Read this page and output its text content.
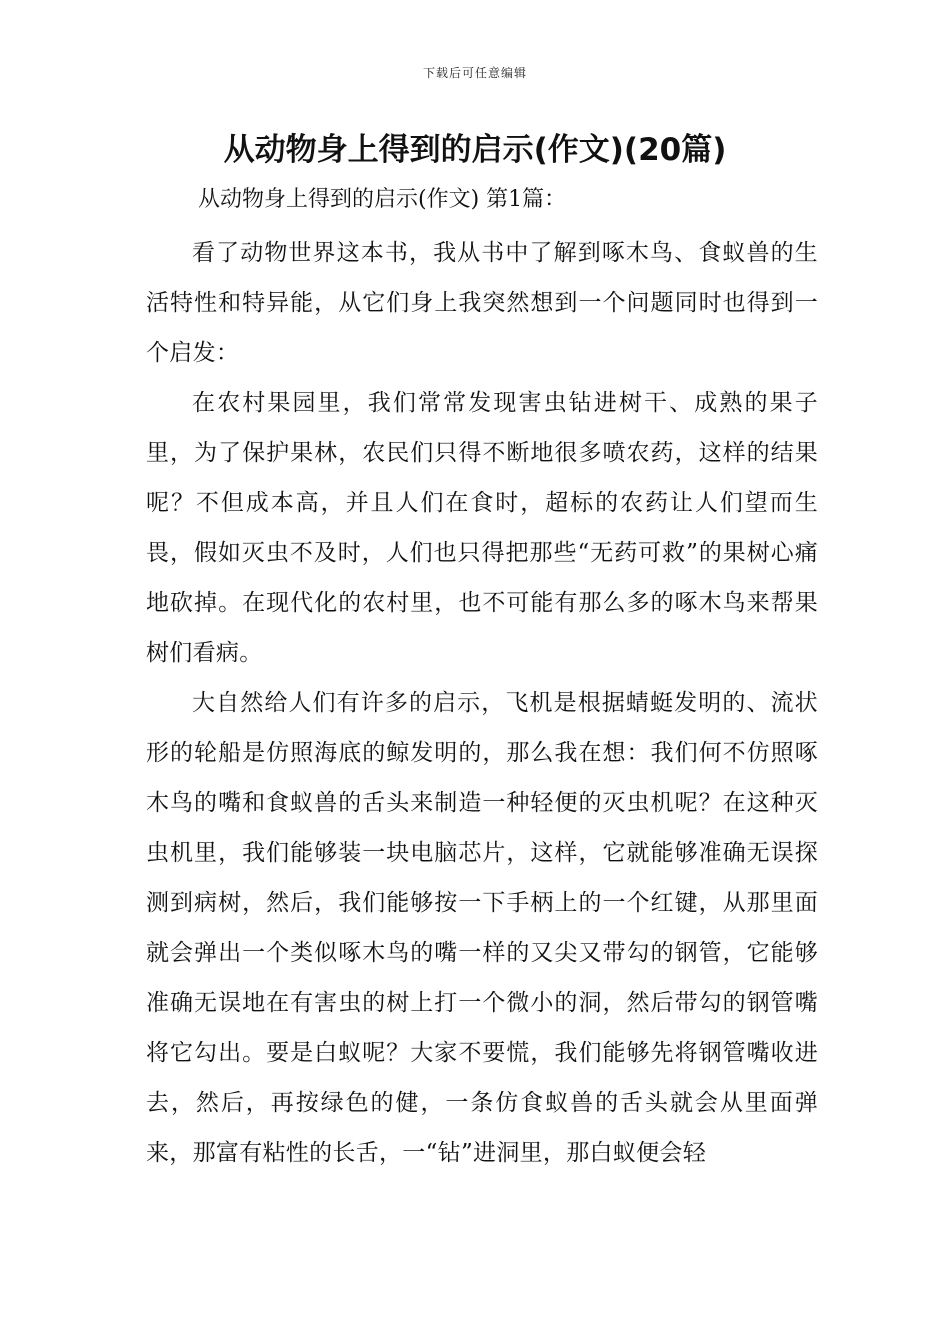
下载后可任意编辑
从动物身上得到的启示(作文)(20篇)
从动物身上得到的启示(作文) 第1篇：

看了动物世界这本书，我从书中了解到啄木鸟、食蚁兽的生活特性和特异能，从它们身上我突然想到一个问题同时也得到一个启发：

在农村果园里，我们常常发现害虫钻进树干、成熟的果子里，为了保护果林，农民们只得不断地很多喷农药，这样的结果呢？不但成本高，并且人们在食时，超标的农药让人们望而生畏，假如灭虫不及时，人们也只得把那些“无药可救”的果树心痛地砍掉。在现代化的农村里，也不可能有那么多的啄木鸟来帮果树们看病。

大自然给人们有许多的启示，飞机是根据蜻蜓发明的、流状形的轮船是仿照海底的鲸发明的，那么我在想：我们何不仿照啄木鸟的嘴和食蚁兽的舌头来制造一种轻便的灭虫机呢？在这种灭虫机里，我们能够装一块电脑芯片，这样，它就能够准确无误探测到病树，然后，我们能够按一下手柄上的一个红键，从那里面就会弹出一个类似啄木鸟的嘴一样的又尖又带勾的钢管，它能够准确无误地在有害虫的树上打一个微小的洞，然后带勾的钢管嘴将它勾出。要是白蚁呢？大家不要慌，我们能够先将钢管嘴收进去，然后，再按绿色的健，一条仿食蚁兽的舌头就会从里面弹来，那富有粘性的长舌，一“钻”进洞里，那白蚁便会轻
